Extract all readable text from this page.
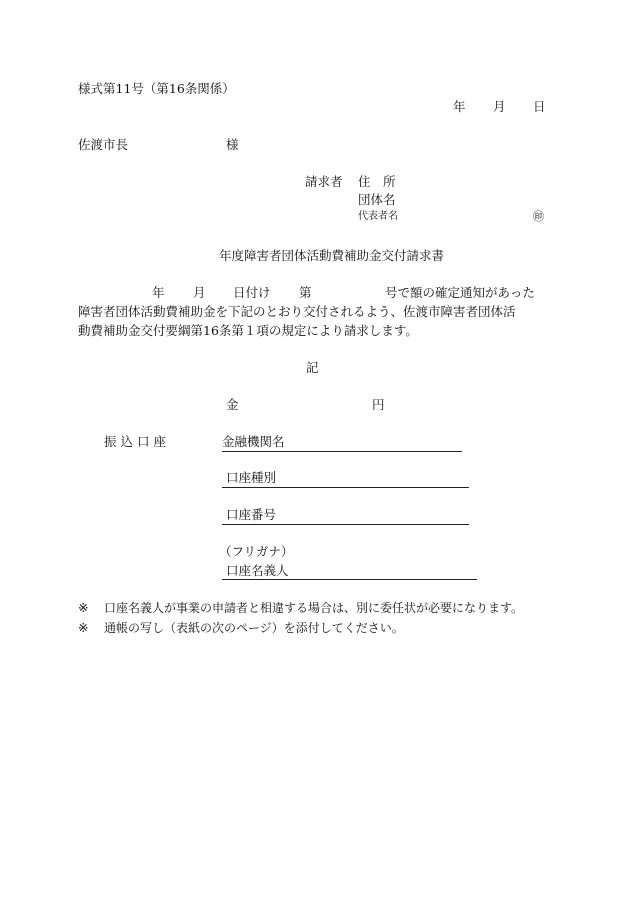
様式第11号（第16条関係）
年 月 日
佐渡市長	様
請求者 住　所
団体名
代表者名	㊞
年度障害者団体活動費補助金交付請求書
年 月 日付け 第	号で額の確定通知があった
障害者団体活動費補助金を下記のとおり交付されるよう、佐渡市障害者団体活
動費補助金交付要綱第16条第１項の規定により請求します。
記
金	円
振 込 口 座	金融機関名
口座種別
口座番号
（フリガナ）
口座名義人
※ 口座名義人が事業の申請者と相違する場合は、別に委任状が必要になります。
※ 通帳の写し（表紙の次のページ）を添付してください。
